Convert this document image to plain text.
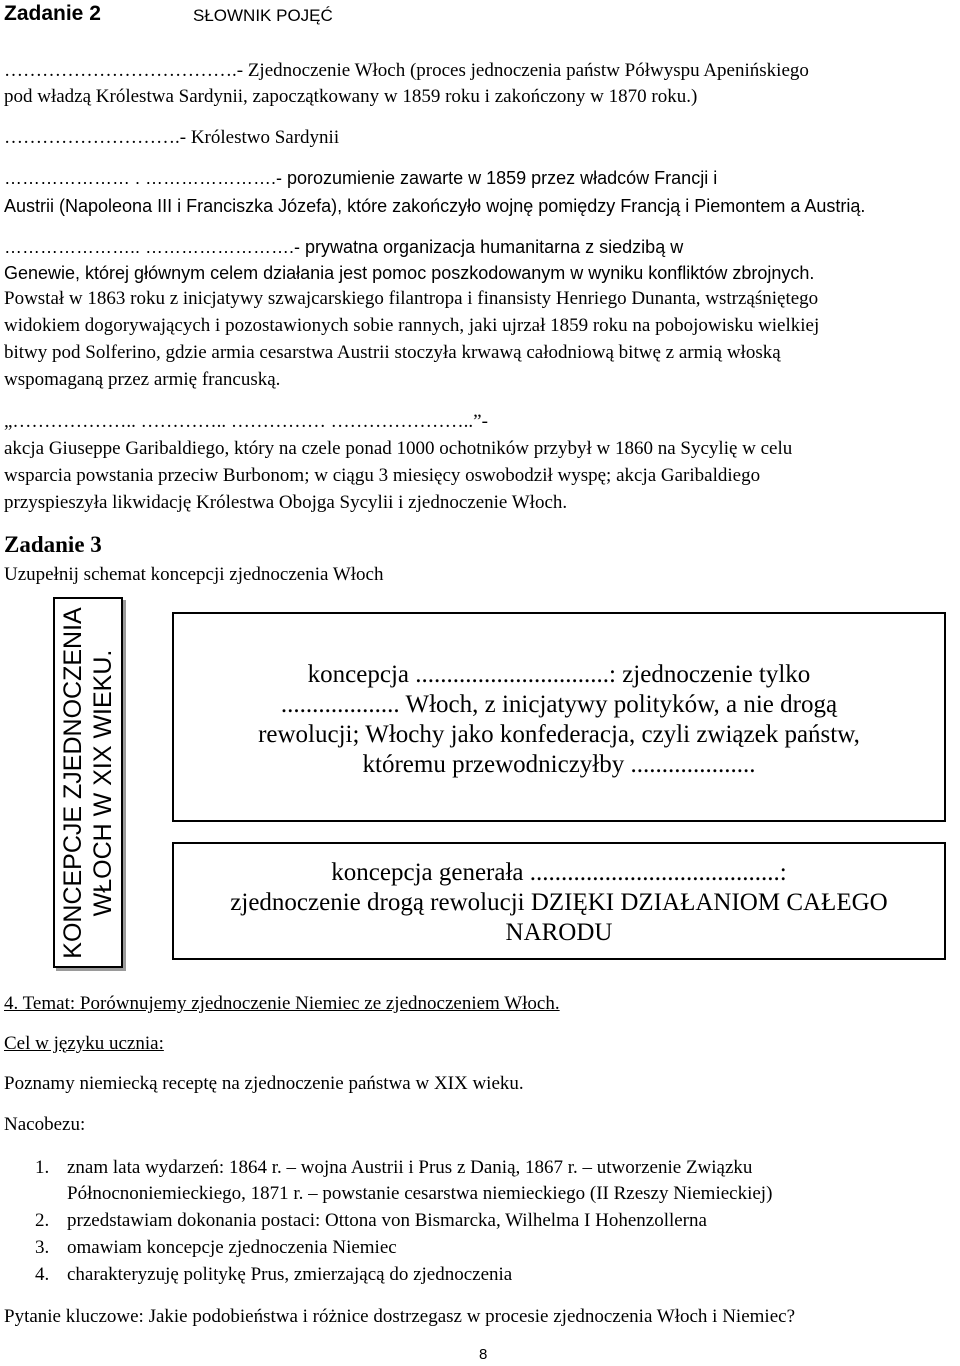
Zadanie 2	SŁOWNIK POJĘĆ
……………………………….- Zjednoczenie Włoch (proces jednoczenia państw Półwyspu Apenińskiego
pod władzą Królestwa Sardynii, zapoczątkowany w 1859 roku i zakończony w 1870 roku.)
……………………….- Królestwo Sardynii
………………… . ………………….- porozumienie zawarte w 1859 przez władców Francji i
Austrii (Napoleona III i Franciszka Józefa), które zakończyło wojnę pomiędzy Francją i Piemontem a Austrią.
………………….. …………………….- prywatna organizacja humanitarna z siedzibą w
Genewie, której głównym celem działania jest pomoc poszkodowanym w wyniku konfliktów zbrojnych.
Powstał w 1863 roku z inicjatywy szwajcarskiego filantropa i finansisty Henriego Dunanta, wstrząśniętego
widokiem dogorywających i pozostawionych sobie rannych, jaki ujrzał 1859 roku na pobojowisku wielkiej
bitwy pod Solferino, gdzie armia cesarstwa Austrii stoczyła krwawą całodniową bitwę z armią włoską
wspomaganą przez armię francuską.
„……………….. ………….. …………… …………………..”-
akcja Giuseppe Garibaldiego, który na czele ponad 1000 ochotników przybył w 1860 na Sycylię w celu
wsparcia powstania przeciw Burbonom; w ciągu 3 miesięcy oswobodził wyspę; akcja Garibaldiego
przyspieszyła likwidację Królestwa Obojga Sycylii i zjednoczenie Włoch.
Zadanie 3
Uzupełnij schemat koncepcji zjednoczenia Włoch
KONCEPCJE ZJEDNOCZENIA WŁOCH W XIX WIEKU.	koncepcja ...............................: zjednoczenie tylko
................... Włoch, z inicjatywy polityków, a nie drogą
rewolucji; Włochy jako konfederacja, czyli związek państw,
któremu przewodniczyłby ....................
koncepcja generała ........................................:
zjednoczenie drogą rewolucji DZIĘKI DZIAŁANIOM CAŁEGO
NARODU
4. Temat: Porównujemy zjednoczenie Niemiec ze zjednoczeniem Włoch.
Cel w języku ucznia:
Poznamy niemiecką receptę na zjednoczenie państwa w XIX wieku.
Nacobezu:
1. znam lata wydarzeń: 1864 r. – wojna Austrii i Prus z Danią, 1867 r. – utworzenie Związku
Północnoniemieckiego, 1871 r. – powstanie cesarstwa niemieckiego (II Rzeszy Niemieckiej)
2. przedstawiam dokonania postaci: Ottona von Bismarcka, Wilhelma I Hohenzollerna
3. omawiam koncepcje zjednoczenia Niemiec
4. charakteryzuję politykę Prus, zmierzającą do zjednoczenia
Pytanie kluczowe: Jakie podobieństwa i różnice dostrzegasz w procesie zjednoczenia Włoch i Niemiec?
8
